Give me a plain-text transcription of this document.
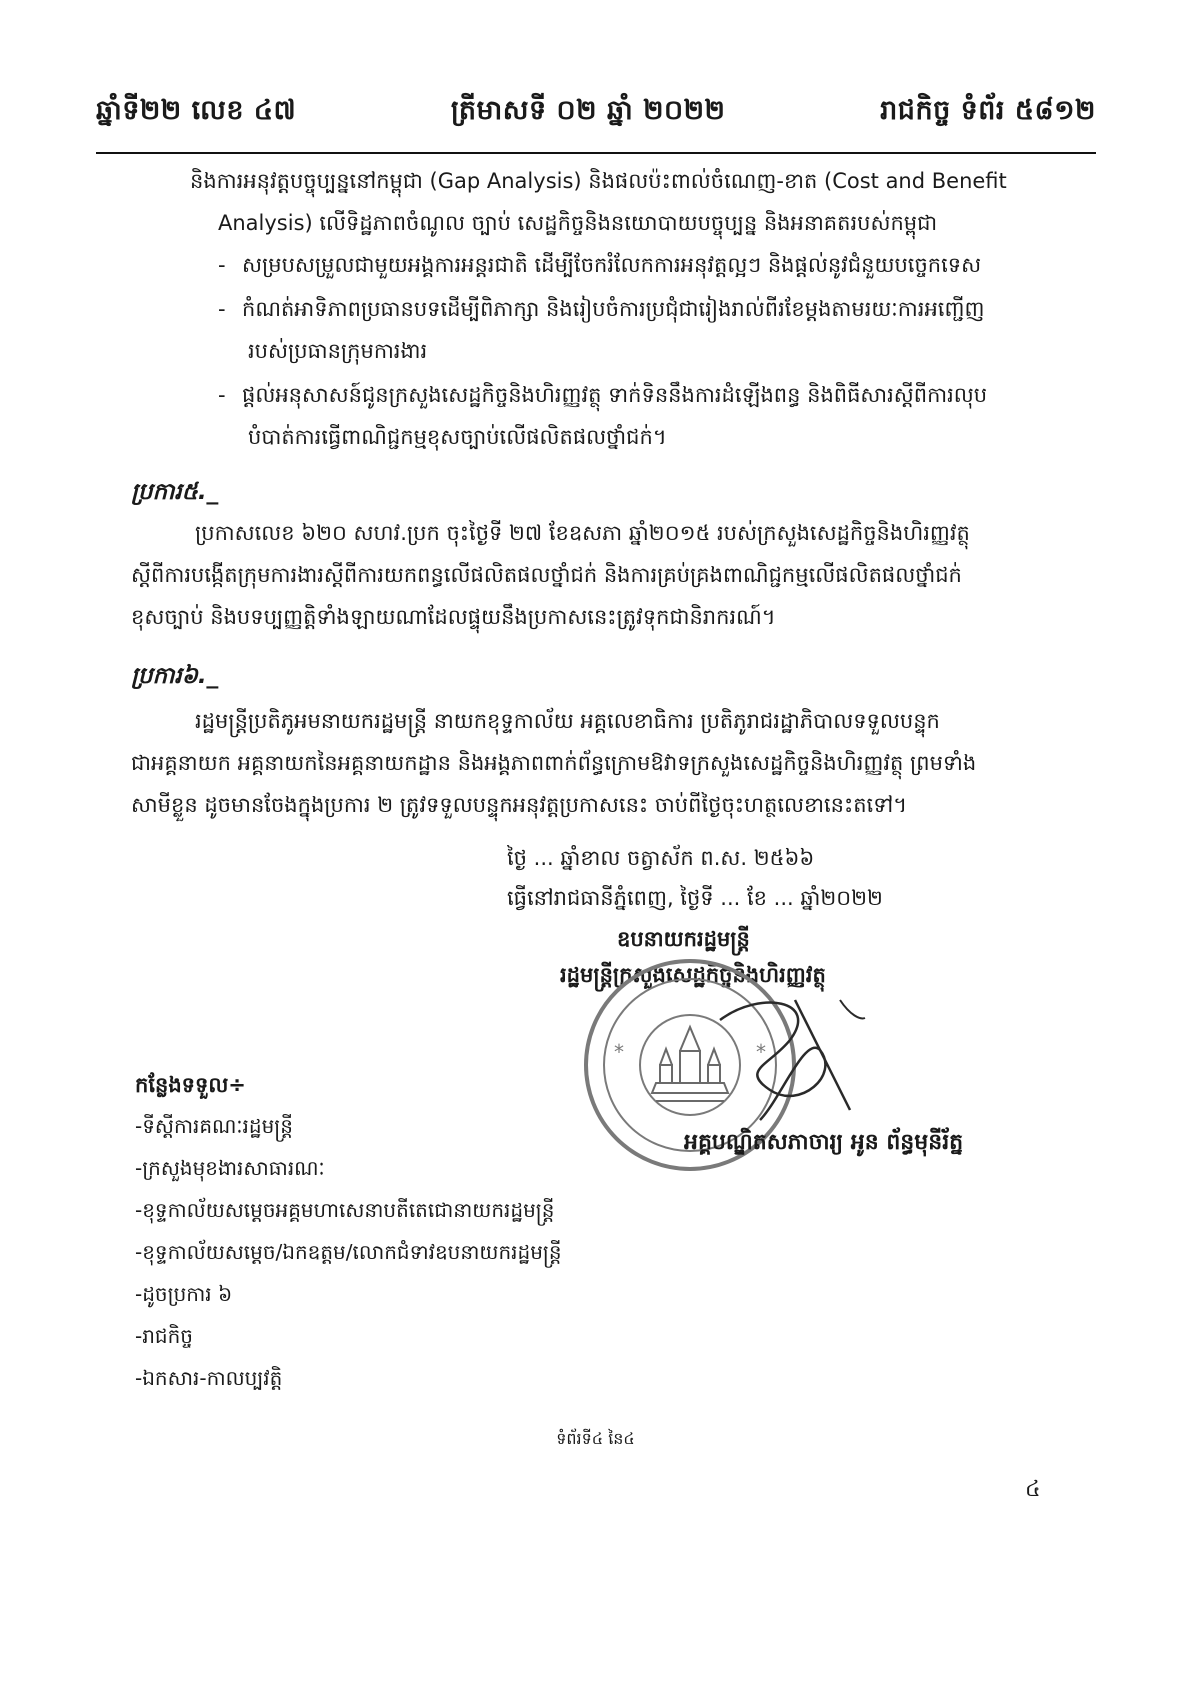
ឆ្នាំទី២២ លេខ ៤៧	ត្រីមាសទី ០២ ឆ្នាំ ២០២២	រាជកិច្ច ទំព័រ ៥៨១២
និងការអនុវត្តបច្ចុប្បន្ននៅកម្ពុជា (Gap Analysis) និងផលប៉ះពាល់ចំណេញ-ខាត (Cost and Benefit
Analysis) លើទិដ្ឋភាពចំណូល ច្បាប់ សេដ្ឋកិច្ចនិងនយោបាយបច្ចុប្បន្ន និងអនាគតរបស់កម្ពុជា
- សម្របសម្រួលជាមួយអង្គការអន្តរជាតិ ដើម្បីចែករំលែកការអនុវត្តល្អៗ និងផ្តល់នូវជំនួយបច្ចេកទេស
- កំណត់អាទិភាពប្រធានបទដើម្បីពិភាក្សា និងរៀបចំការប្រជុំជារៀងរាល់ពីរខែម្តងតាមរយៈការអញ្ជើញ
របស់ប្រធានក្រុមការងារ
- ផ្តល់អនុសាសន៍ជូនក្រសួងសេដ្ឋកិច្ចនិងហិរញ្ញវត្ថុ ទាក់ទិននឹងការដំឡើងពន្ធ និងពិធីសារស្តីពីការលុប
បំបាត់ការធ្វើពាណិជ្ជកម្មខុសច្បាប់លើផលិតផលថ្នាំជក់។
ប្រការ៥._
ប្រកាសលេខ ៦២០ សហវ.ប្រក ចុះថ្ងៃទី ២៧ ខែឧសភា ឆ្នាំ២០១៥ របស់ក្រសួងសេដ្ឋកិច្ចនិងហិរញ្ញវត្ថុ
ស្តីពីការបង្កើតក្រុមការងារស្តីពីការយកពន្ធលើផលិតផលថ្នាំជក់ និងការគ្រប់គ្រងពាណិជ្ជកម្មលើផលិតផលថ្នាំជក់
ខុសច្បាប់ និងបទប្បញ្ញត្តិទាំងឡាយណាដែលផ្ទុយនឹងប្រកាសនេះត្រូវទុកជានិរាករណ៍។
ប្រការ៦._
រដ្ឋមន្ត្រីប្រតិភូអមនាយករដ្ឋមន្ត្រី នាយកខុទ្ទកាល័យ អគ្គលេខាធិការ ប្រតិភូរាជរដ្ឋាភិបាលទទួលបន្ទុក
ជាអគ្គនាយក អគ្គនាយកនៃអគ្គនាយកដ្ឋាន និងអង្គភាពពាក់ព័ន្ធក្រោមឱវាទក្រសួងសេដ្ឋកិច្ចនិងហិរញ្ញវត្ថុ ព្រមទាំង
សាមីខ្លួន ដូចមានចែងក្នុងប្រការ ២ ត្រូវទទួលបន្ទុកអនុវត្តប្រកាសនេះ ចាប់ពីថ្ងៃចុះហត្ថលេខានេះតទៅ។
ថ្ងៃ ... ឆ្នាំខាល ចត្វាស័ក ព.ស. ២៥៦៦
ធ្វើនៅរាជធានីភ្នំពេញ, ថ្ងៃទី ... ខែ ... ឆ្នាំ២០២២
ឧបនាយករដ្ឋមន្ត្រី
រដ្ឋមន្ត្រីក្រសួងសេដ្ឋកិច្ចនិងហិរញ្ញវត្ថុ
*	*
អគ្គបណ្ឌិតសភាចារ្យ អូន ព័ន្ធមុនីរ័ត្ន
កន្លែងទទួល÷
-ទីស្តីការគណៈរដ្ឋមន្ត្រី
-ក្រសួងមុខងារសាធារណៈ
-ខុទ្ទកាល័យសម្តេចអគ្គមហាសេនាបតីតេជោនាយករដ្ឋមន្ត្រី
-ខុទ្ទកាល័យសម្តេច/ឯកឧត្តម/លោកជំទាវឧបនាយករដ្ឋមន្ត្រី
-ដូចប្រការ ៦
-រាជកិច្ច
-ឯកសារ-កាលប្បវត្តិ
ទំព័រទី៤ នៃ៤
៤
